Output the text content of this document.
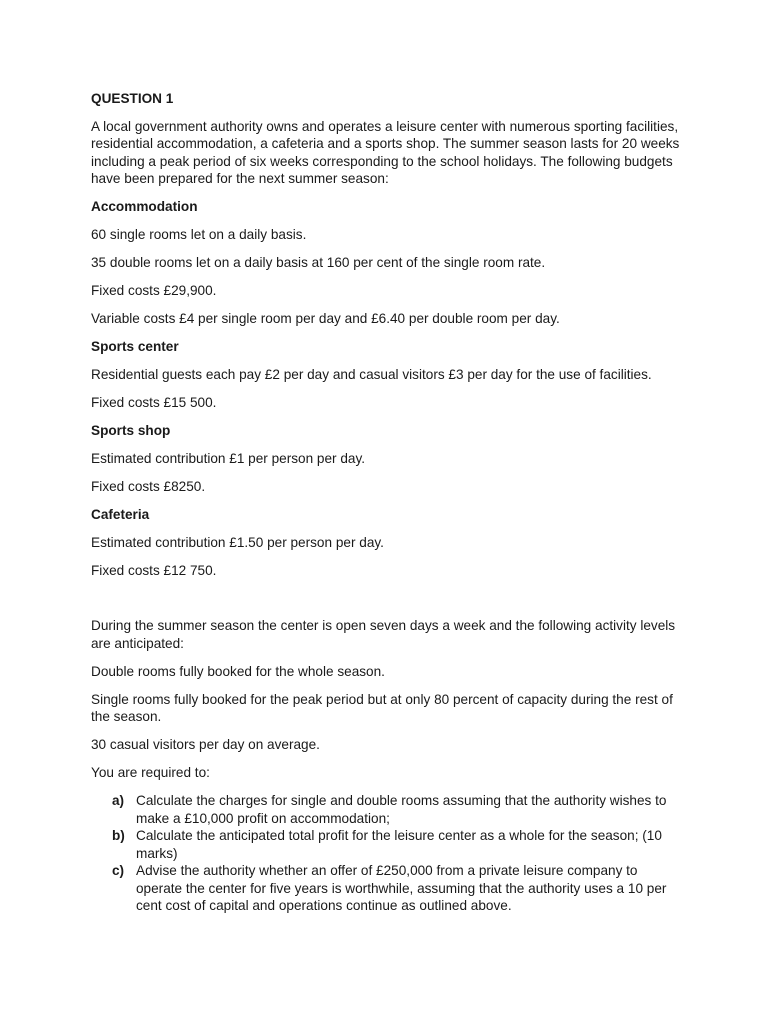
QUESTION 1

A local government authority owns and operates a leisure center with numerous sporting facilities, residential accommodation, a cafeteria and a sports shop. The summer season lasts for 20 weeks including a peak period of six weeks corresponding to the school holidays. The following budgets have been prepared for the next summer season:

Accommodation

60 single rooms let on a daily basis.

35 double rooms let on a daily basis at 160 per cent of the single room rate.

Fixed costs £29,900.

Variable costs £4 per single room per day and £6.40 per double room per day.

Sports center

Residential guests each pay £2 per day and casual visitors £3 per day for the use of facilities.

Fixed costs £15 500.

Sports shop

Estimated contribution £1 per person per day.

Fixed costs £8250.

Cafeteria

Estimated contribution £1.50 per person per day.

Fixed costs £12 750.

During the summer season the center is open seven days a week and the following activity levels are anticipated:

Double rooms fully booked for the whole season.

Single rooms fully booked for the peak period but at only 80 percent of capacity during the rest of the season.

30 casual visitors per day on average.

You are required to:

a) Calculate the charges for single and double rooms assuming that the authority wishes to make a £10,000 profit on accommodation;
b) Calculate the anticipated total profit for the leisure center as a whole for the season; (10 marks)
c) Advise the authority whether an offer of £250,000 from a private leisure company to operate the center for five years is worthwhile, assuming that the authority uses a 10 per cent cost of capital and operations continue as outlined above.
